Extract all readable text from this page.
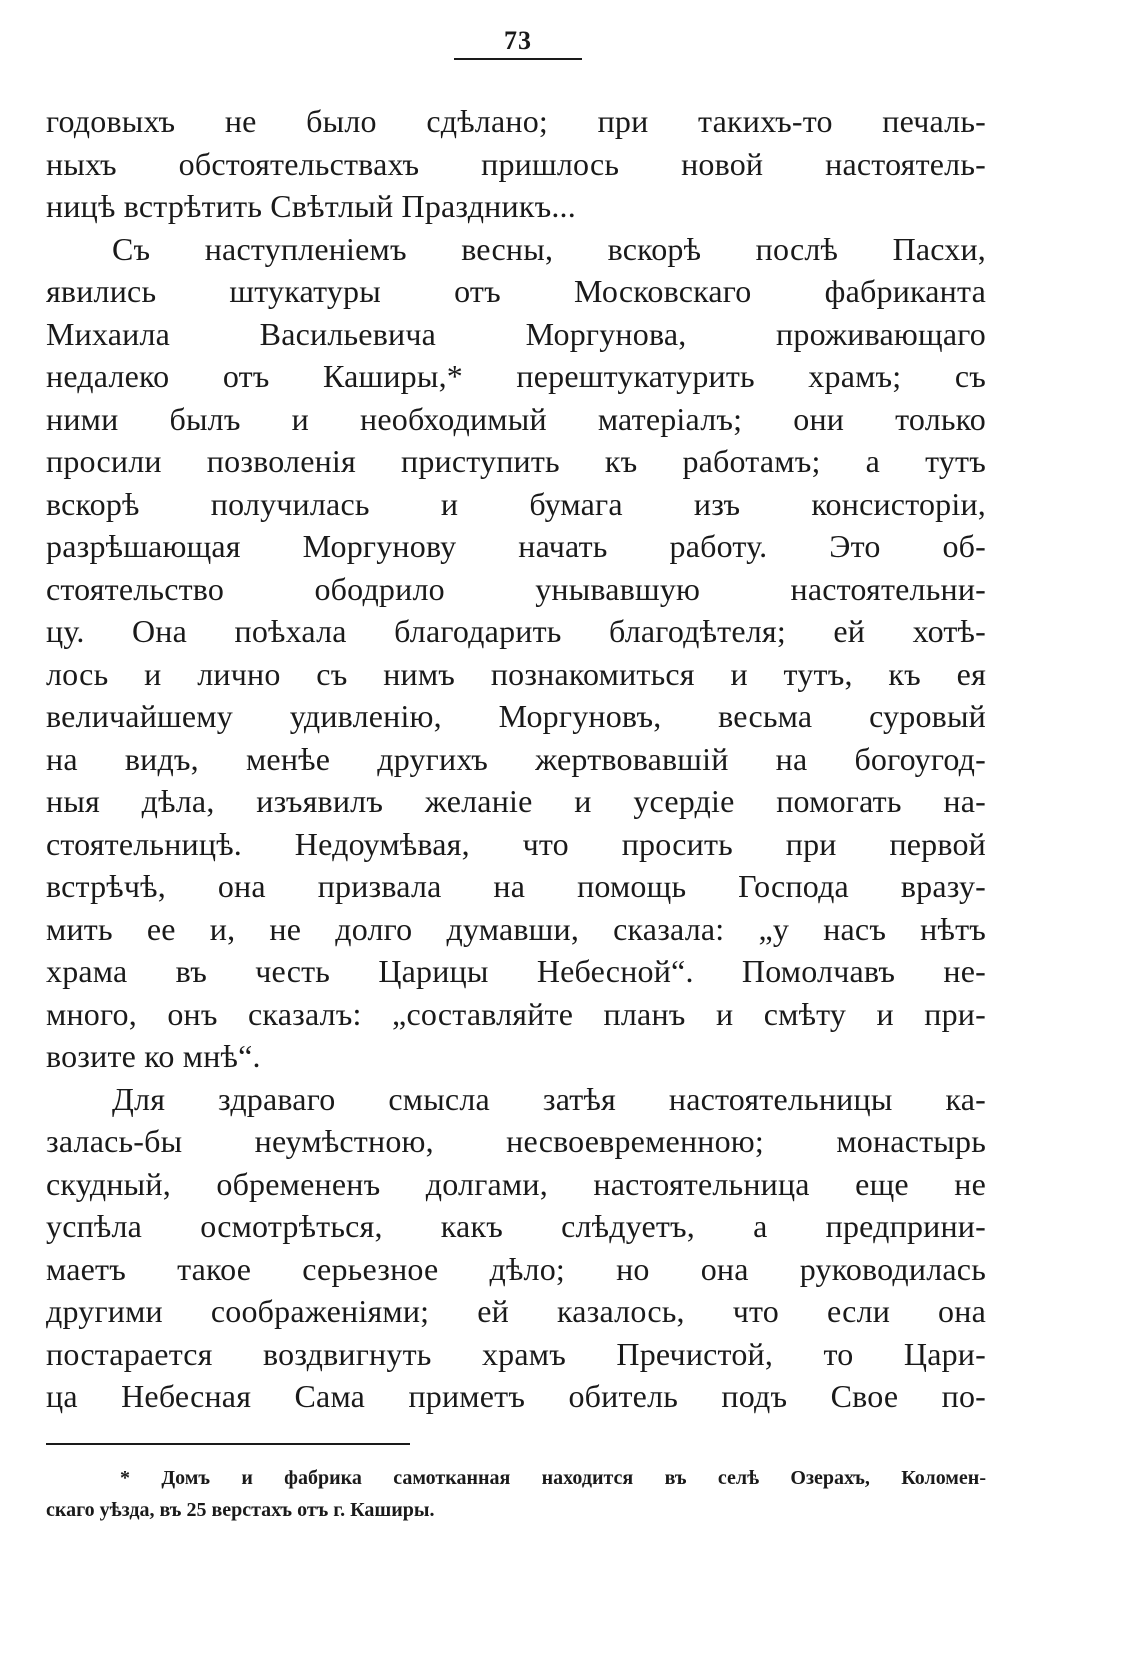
73
годовыхъ не было сдѣлано; при такихъ-то печаль-
ныхъ обстоятельствахъ пришлось новой настоятель-
ницѣ встрѣтить Свѣтлый Праздникъ...
Съ наступленіемъ весны, вскорѣ послѣ Пасхи,
явились штукатуры отъ Московскаго фабриканта
Михаила Васильевича Моргунова, проживающаго
недалеко отъ Каширы,* перештукатурить храмъ; съ
ними былъ и необходимый матеріалъ; они только
просили позволенія приступить къ работамъ; а тутъ
вскорѣ получилась и бумага изъ консисторіи,
разрѣшающая Моргунову начать работу. Это об-
стоятельство ободрило унывавшую настоятельни-
цу. Она поѣхала благодарить благодѣтеля; ей хотѣ-
лось и лично съ нимъ познакомиться и тутъ, къ ея
величайшему удивленію, Моргуновъ, весьма суровый
на видъ, менѣе другихъ жертвовавшій на богоугод-
ныя дѣла, изъявилъ желаніе и усердіе помогать на-
стоятельницѣ. Недоумѣвая, что просить при первой
встрѣчѣ, она призвала на помощь Господа вразу-
мить ее и, не долго думавши, сказала: „у насъ нѣтъ
храма въ честь Царицы Небесной“. Помолчавъ не-
много, онъ сказалъ: „составляйте планъ и смѣту и при-
возите ко мнѣ“.
Для здраваго смысла затѣя настоятельницы ка-
залась-бы неумѣстною, несвоевременною; монастырь
скудный, обремененъ долгами, настоятельница еще не
успѣла осмотрѣться, какъ слѣдуетъ, а предприни-
маетъ такое серьезное дѣло; но она руководилась
другими соображеніями; ей казалось, что если она
постарается воздвигнуть храмъ Пречистой, то Цари-
ца Небесная Сама приметъ обитель подъ Свое по-
* Домъ и фабрика самотканная находится въ селѣ Озерахъ, Коломен-
скаго уѣзда, въ 25 верстахъ отъ г. Каширы.
